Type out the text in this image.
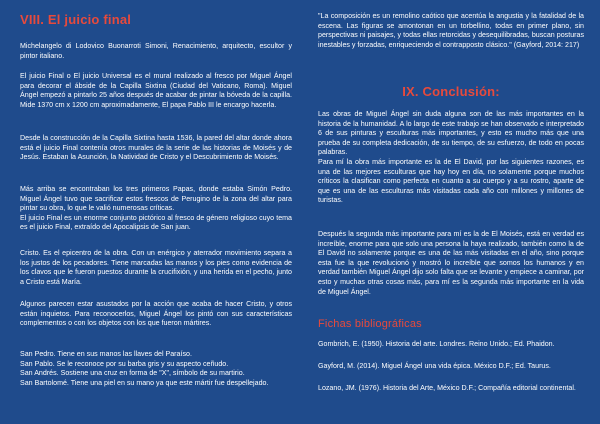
VIII. El juicio final

Michelangelo di Lodovico Buonarroti Simoni, Renacimiento, arquitecto, escultor y pintor italiano.

El juicio Final o El juicio Universal es el mural realizado al fresco por Miguel Ángel para decorar el ábside de la Capilla Sixtina (Ciudad del Vaticano, Roma). Miguel Ángel empezó a pintarlo 25 años después de acabar de pintar la bóveda de la capilla. Mide 1370 cm x 1200 cm aproximadamente, El papa Pablo III le encargo hacerla.

Desde la construcción de la Capilla Sixtina hasta 1536, la pared del altar donde ahora está el juicio Final contenía otros murales de la serie de las historias de Moisés y de Jesús. Estaban la Asunción, la Natividad de Cristo y el Descubrimiento de Moisés.

Más arriba se encontraban los tres primeros Papas, donde estaba Simón Pedro. Miguel Ángel tuvo que sacrificar estos frescos de Perugino de la zona del altar para pintar su obra, lo que le valió numerosas críticas.

El juicio Final es un enorme conjunto pictórico al fresco de género religioso cuyo tema es el juicio Final, extraído del Apocalipsis de San juan.

Cristo. Es el epicentro de la obra. Con un enérgico y aterrador movimiento separa a los justos de los pecadores. Tiene marcadas las manos y los pies como evidencia de los clavos que le fueron puestos durante la crucifixión, y una herida en el pecho, junto a Cristo está María.

Algunos parecen estar asustados por la acción que acaba de hacer Cristo, y otros están inquietos. Para reconocerlos, Miguel Ángel los pintó con sus características complementos o con los objetos con los que fueron mártires.

San Pedro. Tiene en sus manos las llaves del Paraíso.

San Pablo. Se le reconoce por su barba gris y su aspecto ceñudo.

San Andrés. Sostiene una cruz en forma de "X", símbolo de su martirio.

San Bartolomé. Tiene una piel en su mano ya que este mártir fue despellejado.

"La composición es un remolino caótico que acentúa la angustia y la fatalidad de la escena. Las figuras se amontonan en un torbellino, todas en primer plano, sin perspectivas ni paisajes, y todas ellas retorcidas y desequilibradas, buscan posturas inestables y forzadas, enriqueciendo el contrapposto clásico." (Gayford, 2014: 217)

IX. Conclusión:

Las obras de Miguel Ángel sin duda alguna son de las más importantes en la historia de la humanidad. A lo largo de este trabajo se han observado e interpretado 6 de sus pinturas y esculturas más importantes, y esto es mucho más que una prueba de su completa dedicación, de su tiempo, de su esfuerzo, de todo en pocas palabras.

Para mí la obra más importante es la de El David, por las siguientes razones, es una de las mejores esculturas que hay hoy en día, no solamente porque muchos críticos la clasifican como perfecta en cuanto a su cuerpo y a su rostro, aparte de que es una de las esculturas más visitadas cada año con millones y millones de turistas.

Después la segunda más importante para mí es la de El Moisés, está en verdad es increíble, enorme para que solo una persona la haya realizado, también como la de El David no solamente porque es una de las más visitadas en el año, sino porque esta fue la que revolucionó y mostró lo increíble que somos los humanos y en verdad también Miguel Ángel dijo solo falta que se levante y empiece a caminar, por esto y muchas otras cosas más, para mí es la segunda más importante en la vida de Miguel Ángel.

Fichas bibliográficas

Gombrich, E. (1950). Historia del arte. Londres. Reino Unido.; Ed. Phaidon.

Gayford, M. (2014). Miguel Ángel una vida épica. México D.F.; Ed. Taurus.

Lozano, JM. (1976). Historia del Arte, México D.F.; Compañía editorial continental.
